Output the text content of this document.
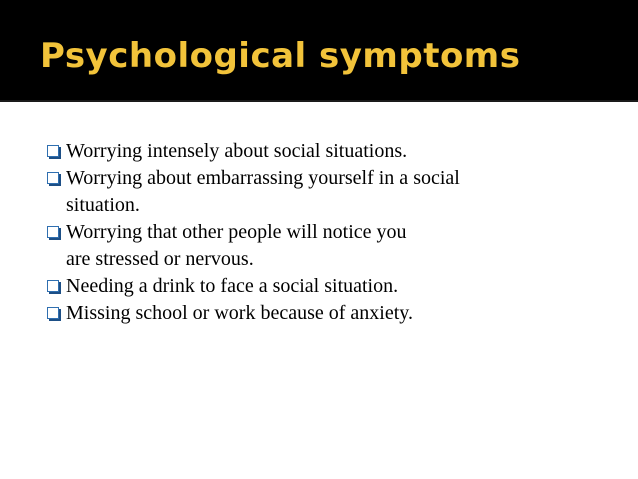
Psychological symptoms
Worrying intensely about social situations.
Worrying about embarrassing yourself in a social
situation.
Worrying that other people will notice you
are stressed or nervous.
Needing a drink to face a social situation.
Missing school or work because of anxiety.
